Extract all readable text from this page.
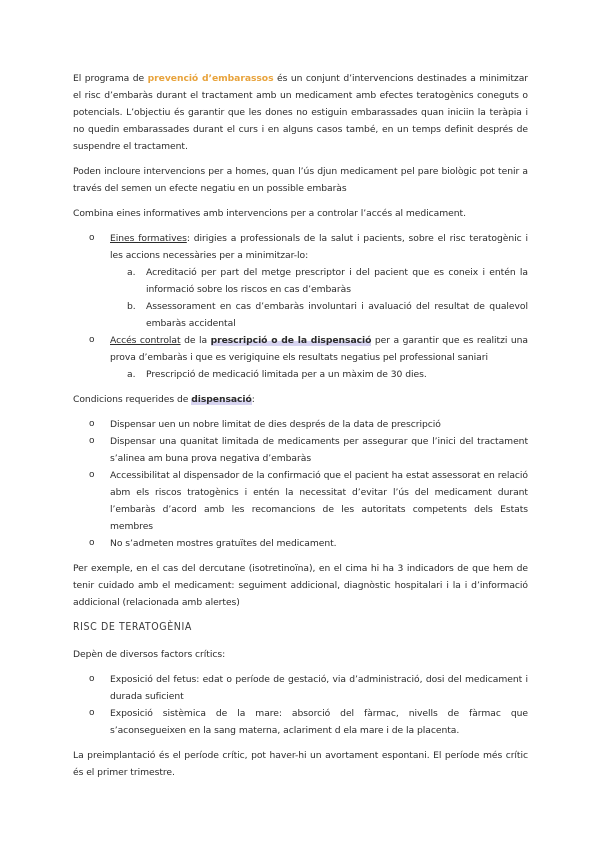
El programa de prevenció d’embarassos és un conjunt d’intervencions destinades a minimitzar el risc d’embaràs durant el tractament amb un medicament amb efectes teratogènics coneguts o potencials. L’objectiu és garantir que les dones no estiguin embarassades quan iniciin la teràpia i no quedin embarassades durant el curs i en alguns casos també, en un temps definit després de suspendre el tractament.

Poden incloure intervencions per a homes, quan l’ús djun medicament pel pare biològic pot tenir a través del semen un efecte negatiu en un possible embaràs

Combina eines informatives amb intervencions per a controlar l’accés al medicament.

o Eines formatives: dirigies a professionals de la salut i pacients, sobre el risc teratogènic i les accions necessàries per a minimitzar-lo:
a. Acreditació per part del metge prescriptor i del pacient que es coneix i entén la informació sobre los riscos en cas d’embaràs
b. Assessorament en cas d’embaràs involuntari i avaluació del resultat de qualevol embaràs accidental
o Accés controlat de la prescripció o de la dispensació per a garantir que es realitzi una prova d’embaràs i que es verigiquine els resultats negatius pel professional saniari
a. Prescripció de medicació limitada per a un màxim de 30 dies.

Condicions requerides de dispensació:

o Dispensar uen un nobre limitat de dies després de la data de prescripció
o Dispensar una quanitat limitada de medicaments per assegurar que l’inici del tractament s’alinea am buna prova negativa d’embaràs
o Accessibilitat al dispensador de la confirmació que el pacient ha estat assessorat en relació abm els riscos tratogènics i entén la necessitat d’evitar l’ús del medicament durant l’embaràs d’acord amb les recomancions de les autoritats competents dels Estats membres
o No s’admeten mostres gratuïtes del medicament.

Per exemple, en el cas del dercutane (isotretinoïna), en el cima hi ha 3 indicadors de que hem de tenir cuidado amb el medicament: seguiment addicional, diagnòstic hospitalari i la i d’informació addicional (relacionada amb alertes)

RISC DE TERATOGÈNIA

Depèn de diversos factors crítics:

o Exposició del fetus: edat o període de gestació, via d’administració, dosi del medicament i durada suficient
o Exposició sistèmica de la mare: absorció del fàrmac, nivells de fàrmac que s’aconsegueixen en la sang materna, aclariment d ela mare i de la placenta.

La preimplantació és el període crític, pot haver-hi un avortament espontani. El període més crític és el primer trimestre.
